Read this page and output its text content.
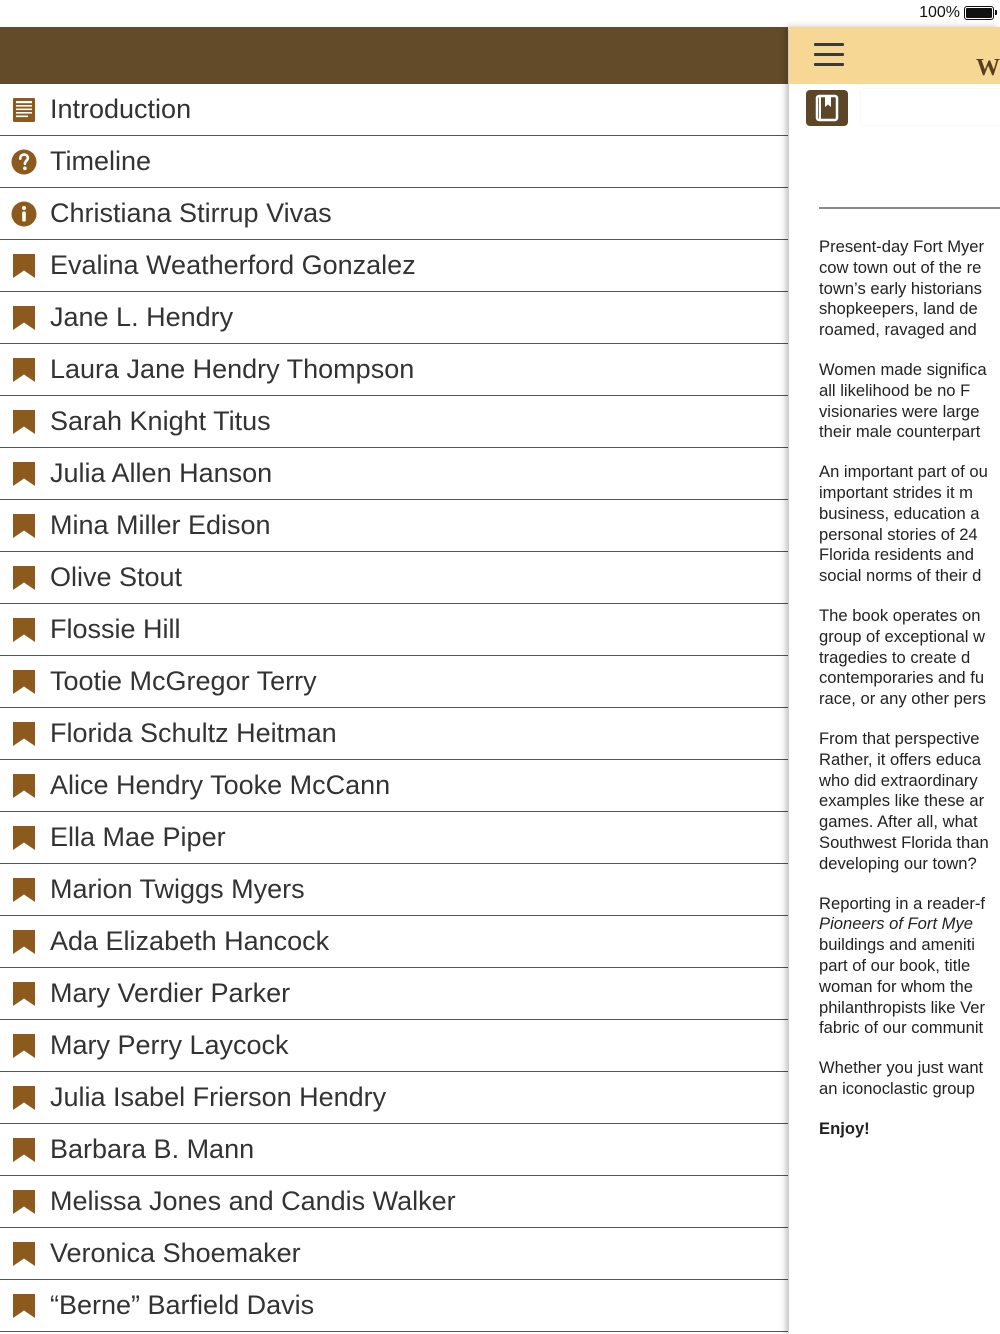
100%
Introduction
Timeline
Christiana Stirrup Vivas
Evalina Weatherford Gonzalez
Jane L. Hendry
Laura Jane Hendry Thompson
Sarah Knight Titus
Julia Allen Hanson
Mina Miller Edison
Olive Stout
Flossie Hill
Tootie McGregor Terry
Florida Schultz Heitman
Alice Hendry Tooke McCann
Ella Mae Piper
Marion Twiggs Myers
Ada Elizabeth Hancock
Mary Verdier Parker
Mary Perry Laycock
Julia Isabel Frierson Hendry
Barbara B. Mann
Melissa Jones and Candis Walker
Veronica Shoemaker
“Berne” Barfield Davis
W

Present-day Fort Myer
cow town out of the re
town’s early historians
shopkeepers, land de
roamed, ravaged and

Women made significa
all likelihood be no F
visionaries were large
their male counterpart

An important part of ou
important strides it m
business, education a
personal stories of 24
Florida residents and
social norms of their d

The book operates on
group of exceptional w
tragedies to create d
contemporaries and fu
race, or any other pers

From that perspective
Rather, it offers educa
who did extraordinary
examples like these ar
games. After all, what
Southwest Florida than
developing our town?

Reporting in a reader-f
Pioneers of Fort Mye
buildings and ameniti
part of our book, title
woman for whom the
philanthropists like Ver
fabric of our communit

Whether you just want
an iconoclastic group

Enjoy!
